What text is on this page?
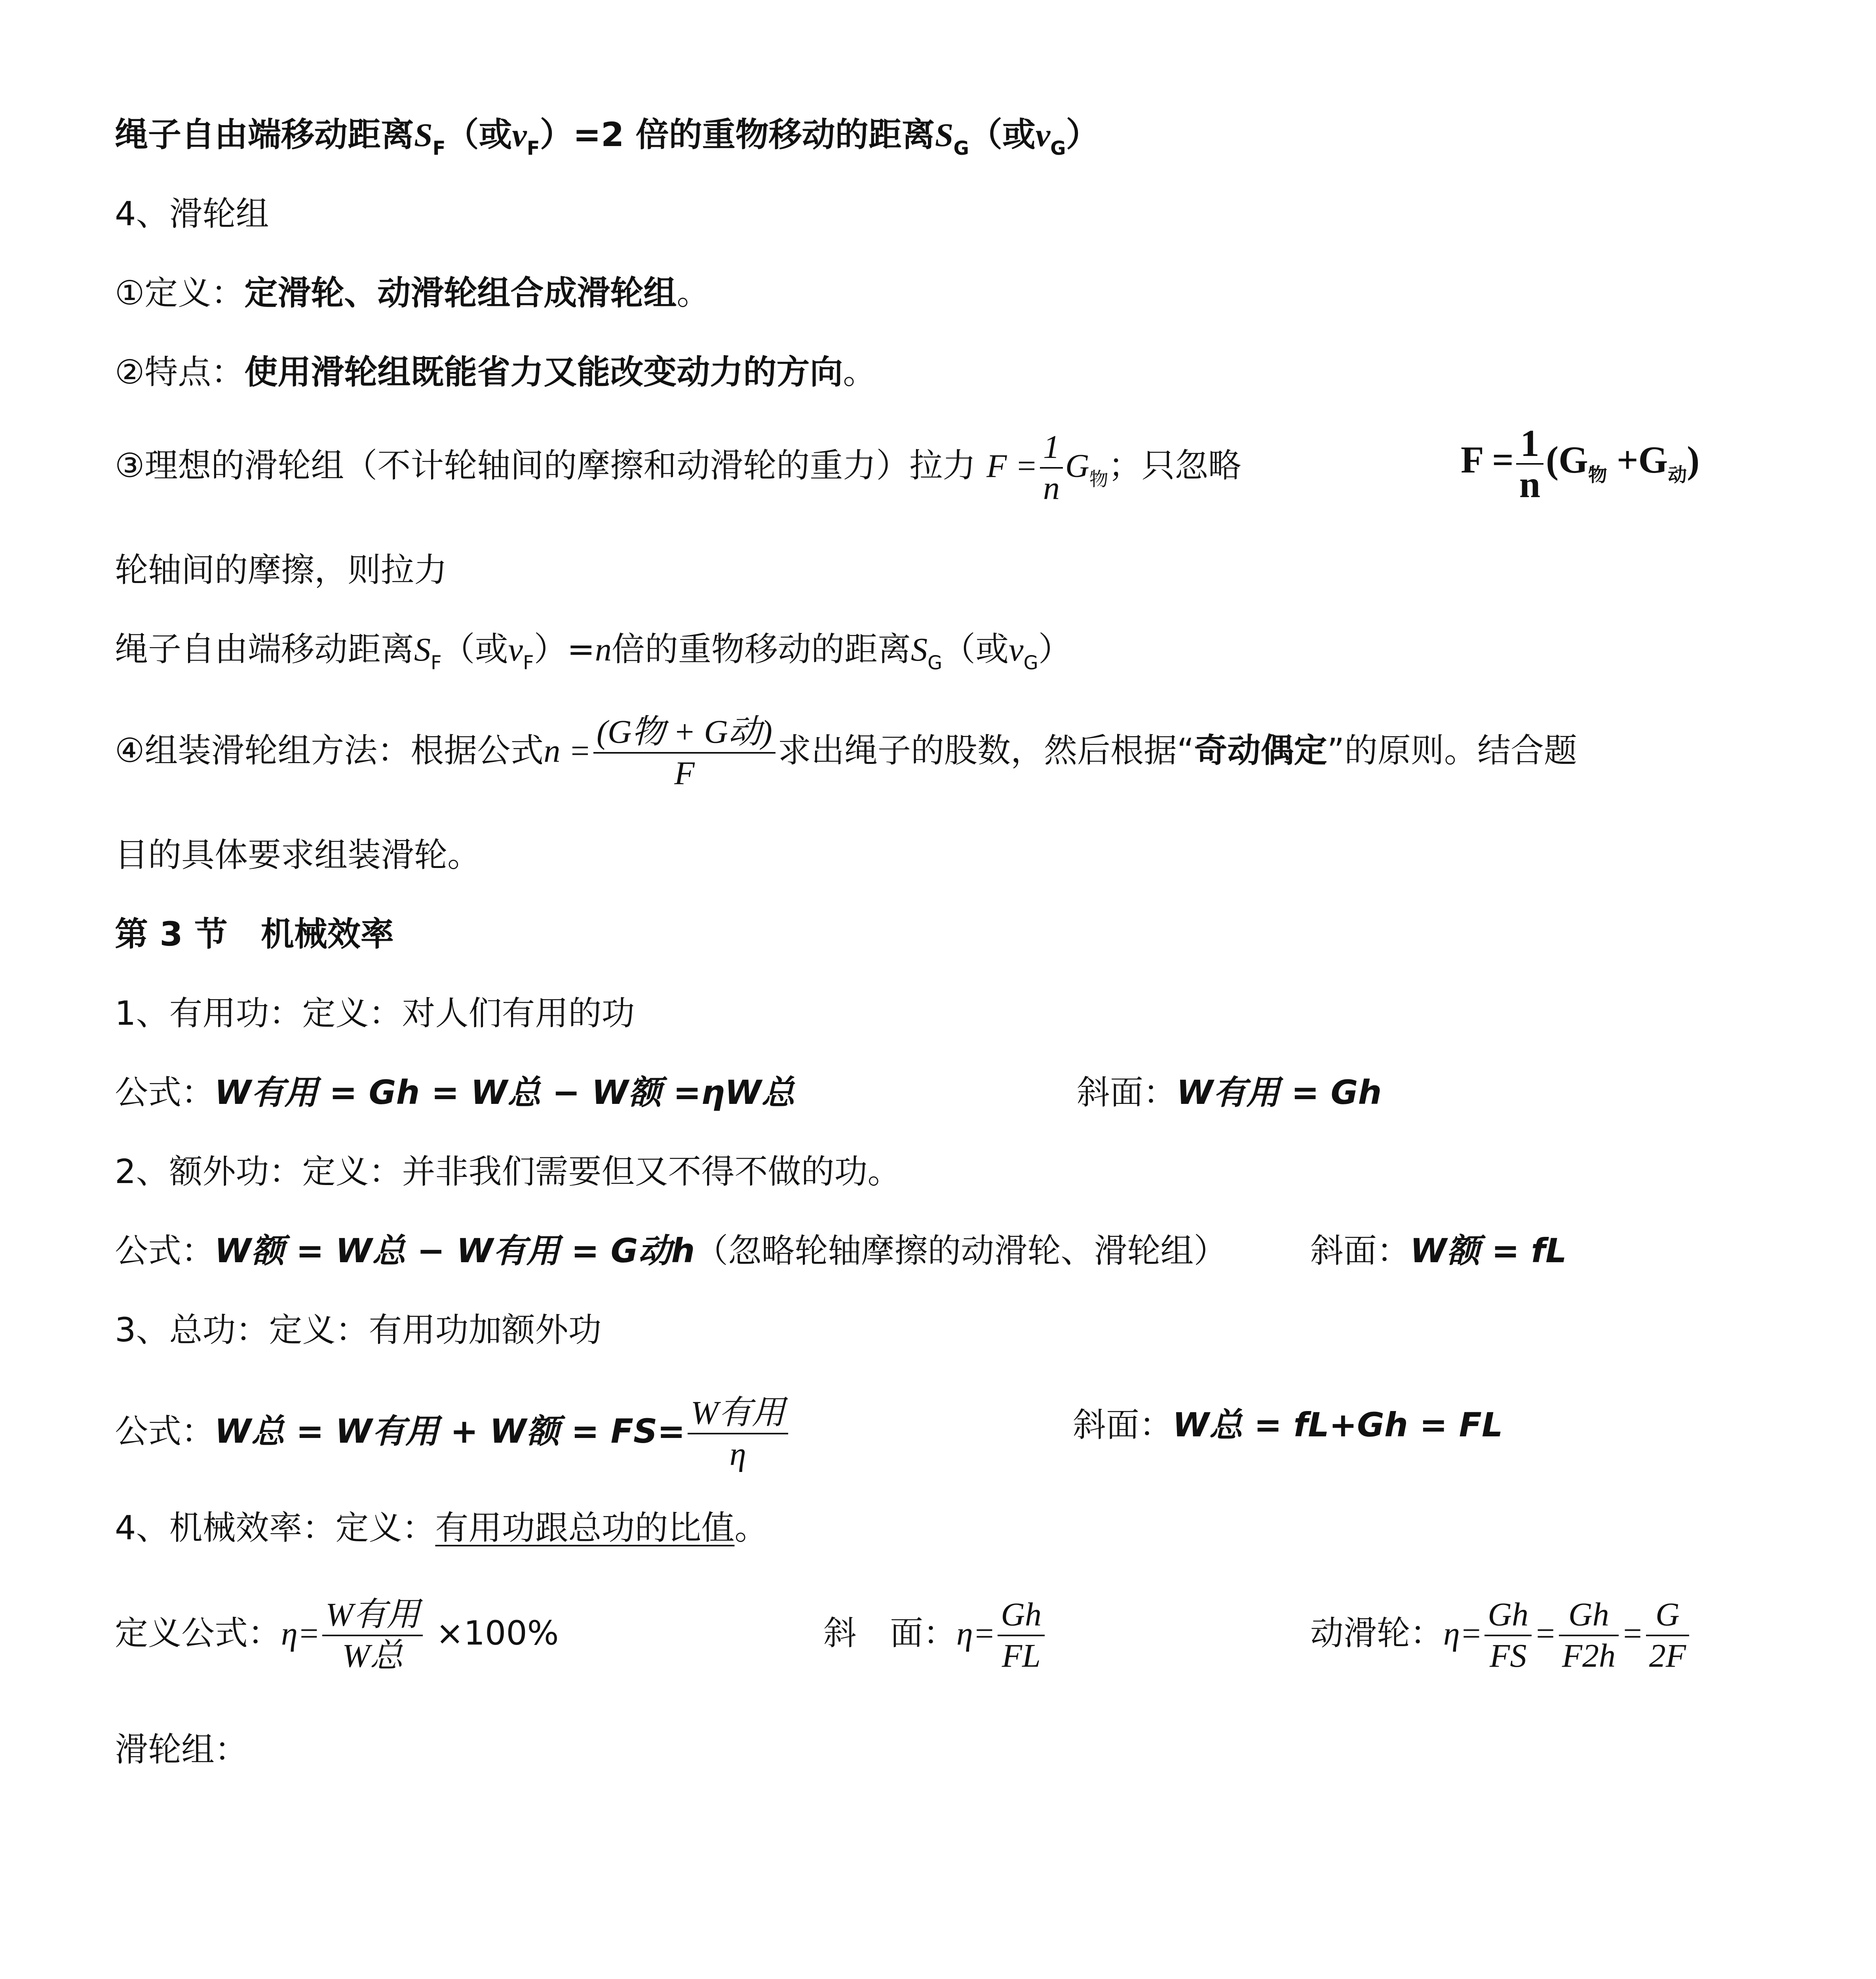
绳子自由端移动距离$S_F$（或$v_F)=2$ 倍的重物移动的距离$S_G$（或$v_G$）
4、滑轮组
①定义：定滑轮、动滑轮组合成滑轮组。
②特点：使用滑轮组既能省力又能改变动力的方向。
③理想的滑轮组（不计轮轴间的摩擦和动滑轮的重力）拉力 $F = \frac{1}{n} G_物$；只忽略	$F = \frac{1}{n} (G_物 +G_动)$
轮轴间的摩擦，则拉力
绳子自由端移动距离$S_F$（或$v_F)=n$倍的重物移动的距离$S_G$（或$v_G$）
④组装滑轮组方法：根据公式$n = \frac{\text{(G物 + G动)}}{F}$ 求出绳子的股数，然后根据“奇动偶定”的原则。结合题
目的具体要求组装滑轮。
第 3 节　机械效率
1、有用功：定义：对人们有用的功
公式：W有用 = Gh = W总 − W额 =ηW总	斜面：W有用 = Gh
2、额外功：定义：并非我们需要但又不得不做的功。
公式：W额 = W总 − W有用 = G动h（忽略轮轴摩擦的动滑轮、滑轮组）	斜面：W额 = fL
3、总功：定义：有用功加额外功
公式：W总 = W有用 + W额 = $FS= \frac{\text{W有用}}{\eta}$	斜面：W总 = fL+Gh = FL
4、机械效率：定义：有用功跟总功的比值。
定义公式：$\eta= \frac{\text{W有用}}{\text{W总}} \times 100\%$	斜　面：$\eta= \frac{Gh}{FL}$	动滑轮：$\eta= \frac{Gh}{FS} = \frac{Gh}{F2h} = \frac{G}{2F}$
滑轮组：
